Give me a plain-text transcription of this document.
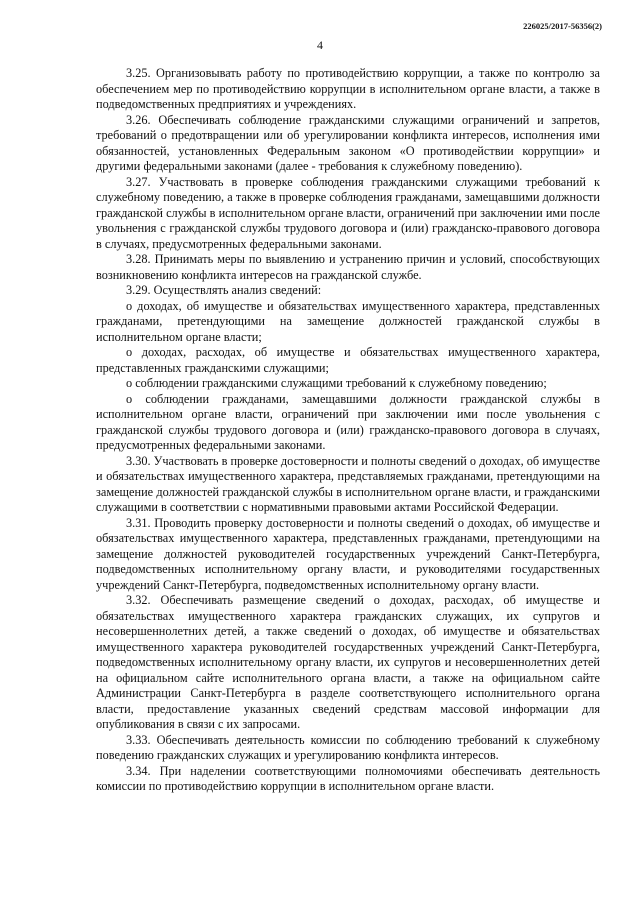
226025/2017-56356(2)
4

3.25. Организовывать работу по противодействию коррупции, а также по контролю за обеспечением мер по противодействию коррупции в исполнительном органе власти, а также в подведомственных предприятиях и учреждениях.

3.26. Обеспечивать соблюдение гражданскими служащими ограничений и запретов, требований о предотвращении или об урегулировании конфликта интересов, исполнения ими обязанностей, установленных Федеральным законом «О противодействии коррупции» и другими федеральными законами (далее - требования к служебному поведению).

3.27. Участвовать в проверке соблюдения гражданскими служащими требований к служебному поведению, а также в проверке соблюдения гражданами, замещавшими должности гражданской службы в исполнительном органе власти, ограничений при заключении ими после увольнения с гражданской службы трудового договора и (или) гражданско-правового договора в случаях, предусмотренных федеральными законами.

3.28. Принимать меры по выявлению и устранению причин и условий, способствующих возникновению конфликта интересов на гражданской службе.

3.29. Осуществлять анализ сведений:

о доходах, об имуществе и обязательствах имущественного характера, представленных гражданами, претендующими на замещение должностей гражданской службы в исполнительном органе власти;

о доходах, расходах, об имуществе и обязательствах имущественного характера, представленных гражданскими служащими;

о соблюдении гражданскими служащими требований к служебному поведению;

о соблюдении гражданами, замещавшими должности гражданской службы в исполнительном органе власти, ограничений при заключении ими после увольнения с гражданской службы трудового договора и (или) гражданско-правового договора в случаях, предусмотренных федеральными законами.

3.30. Участвовать в проверке достоверности и полноты сведений о доходах, об имуществе и обязательствах имущественного характера, представляемых гражданами, претендующими на замещение должностей гражданской службы в исполнительном органе власти, и гражданскими служащими в соответствии с нормативными правовыми актами Российской Федерации.

3.31. Проводить проверку достоверности и полноты сведений о доходах, об имуществе и обязательствах имущественного характера, представленных гражданами, претендующими на замещение должностей руководителей государственных учреждений Санкт-Петербурга, подведомственных исполнительному органу власти, и руководителями государственных учреждений Санкт-Петербурга, подведомственных исполнительному органу власти.

3.32. Обеспечивать размещение сведений о доходах, расходах, об имуществе и обязательствах имущественного характера гражданских служащих, их супругов и несовершеннолетних детей, а также сведений о доходах, об имуществе и обязательствах имущественного характера руководителей государственных учреждений Санкт-Петербурга, подведомственных исполнительному органу власти, их супругов и несовершеннолетних детей на официальном сайте исполнительного органа власти, а также на официальном сайте Администрации Санкт-Петербурга в разделе соответствующего исполнительного органа власти, предоставление указанных сведений средствам массовой информации для опубликования в связи с их запросами.

3.33. Обеспечивать деятельность комиссии по соблюдению требований к служебному поведению гражданских служащих и урегулированию конфликта интересов.

3.34. При наделении соответствующими полномочиями обеспечивать деятельность комиссии по противодействию коррупции в исполнительном органе власти.
